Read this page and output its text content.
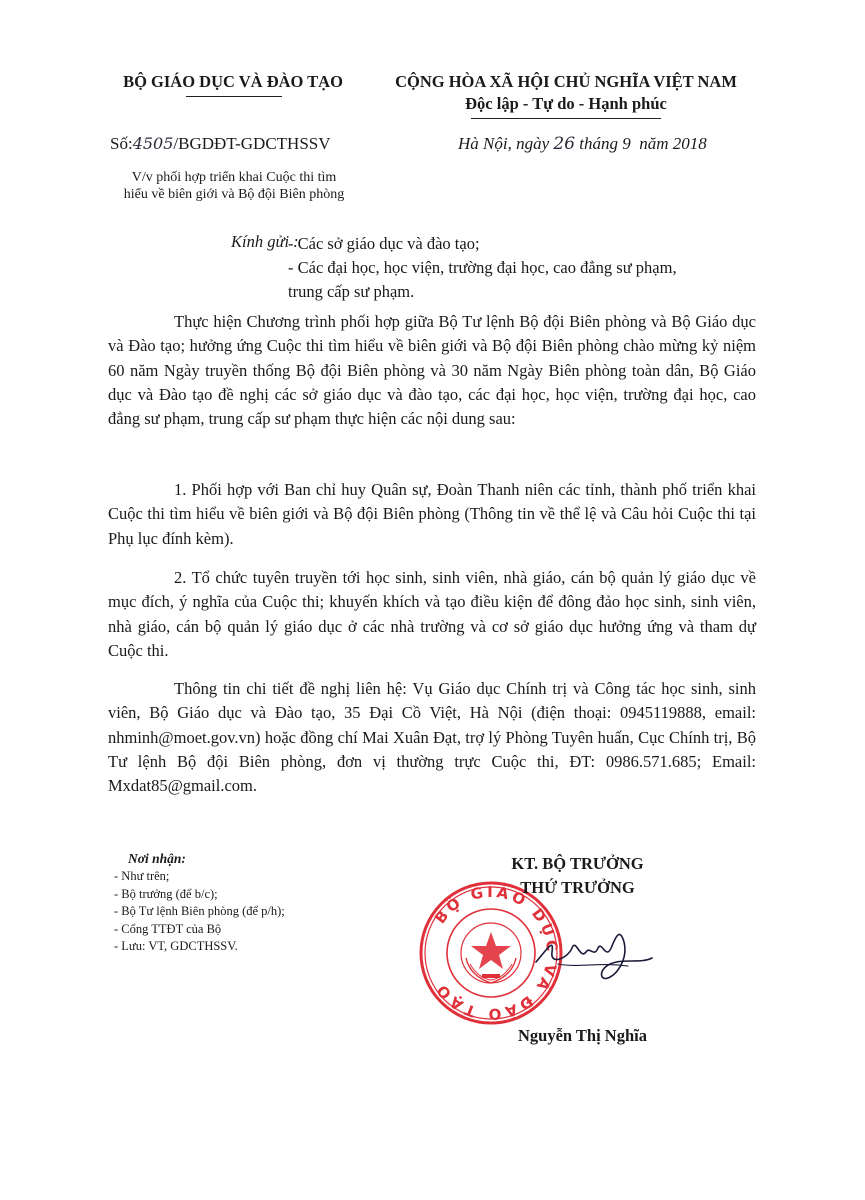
BỘ GIÁO DỤC VÀ ĐÀO TẠO	CỘNG HÒA XÃ HỘI CHỦ NGHĨA VIỆT NAM
Độc lập - Tự do - Hạnh phúc
Số:4505/BGDĐT-GDCTHSSV	Hà Nội, ngày 26 tháng 9 năm 2018
V/v phối hợp triển khai Cuộc thi tìm
hiểu về biên giới và Bộ đội Biên phòng
Kính gửi :
- Các sở giáo dục và đào tạo;
- Các đại học, học viện, trường đại học, cao đẳng sư phạm,
trung cấp sư phạm.

Thực hiện Chương trình phối hợp giữa Bộ Tư lệnh Bộ đội Biên phòng và Bộ Giáo dục và Đào tạo; hưởng ứng Cuộc thi tìm hiểu về biên giới và Bộ đội Biên phòng chào mừng kỷ niệm 60 năm Ngày truyền thống Bộ đội Biên phòng và 30 năm Ngày Biên phòng toàn dân, Bộ Giáo dục và Đào tạo đề nghị các sở giáo dục và đào tạo, các đại học, học viện, trường đại học, cao đẳng sư phạm, trung cấp sư phạm thực hiện các nội dung sau:

1. Phối hợp với Ban chỉ huy Quân sự, Đoàn Thanh niên các tỉnh, thành phố triển khai Cuộc thi tìm hiểu về biên giới và Bộ đội Biên phòng (Thông tin về thể lệ và Câu hỏi Cuộc thi tại Phụ lục đính kèm).

2. Tổ chức tuyên truyền tới học sinh, sinh viên, nhà giáo, cán bộ quản lý giáo dục về mục đích, ý nghĩa của Cuộc thi; khuyến khích và tạo điều kiện để đông đảo học sinh, sinh viên, nhà giáo, cán bộ quản lý giáo dục ở các nhà trường và cơ sở giáo dục hưởng ứng và tham dự Cuộc thi.

Thông tin chi tiết đề nghị liên hệ: Vụ Giáo dục Chính trị và Công tác học sinh, sinh viên, Bộ Giáo dục và Đào tạo, 35 Đại Cồ Việt, Hà Nội (điện thoại: 0945119888, email: nhminh@moet.gov.vn) hoặc đồng chí Mai Xuân Đạt, trợ lý Phòng Tuyên huấn, Cục Chính trị, Bộ Tư lệnh Bộ đội Biên phòng, đơn vị thường trực Cuộc thi, ĐT: 0986.571.685; Email: Mxdat85@gmail.com.

Nơi nhận:
- Như trên;
- Bộ trưởng (để b/c);
- Bộ Tư lệnh Biên phòng (để p/h);
- Cổng TTĐT của Bộ
- Lưu: VT, GDCTHSSV.
BỘ GIÁO DỤC VÀ ĐÀO TẠO
KT. BỘ TRƯỞNG
THỨ TRƯỞNG
Nguyễn Thị Nghĩa
